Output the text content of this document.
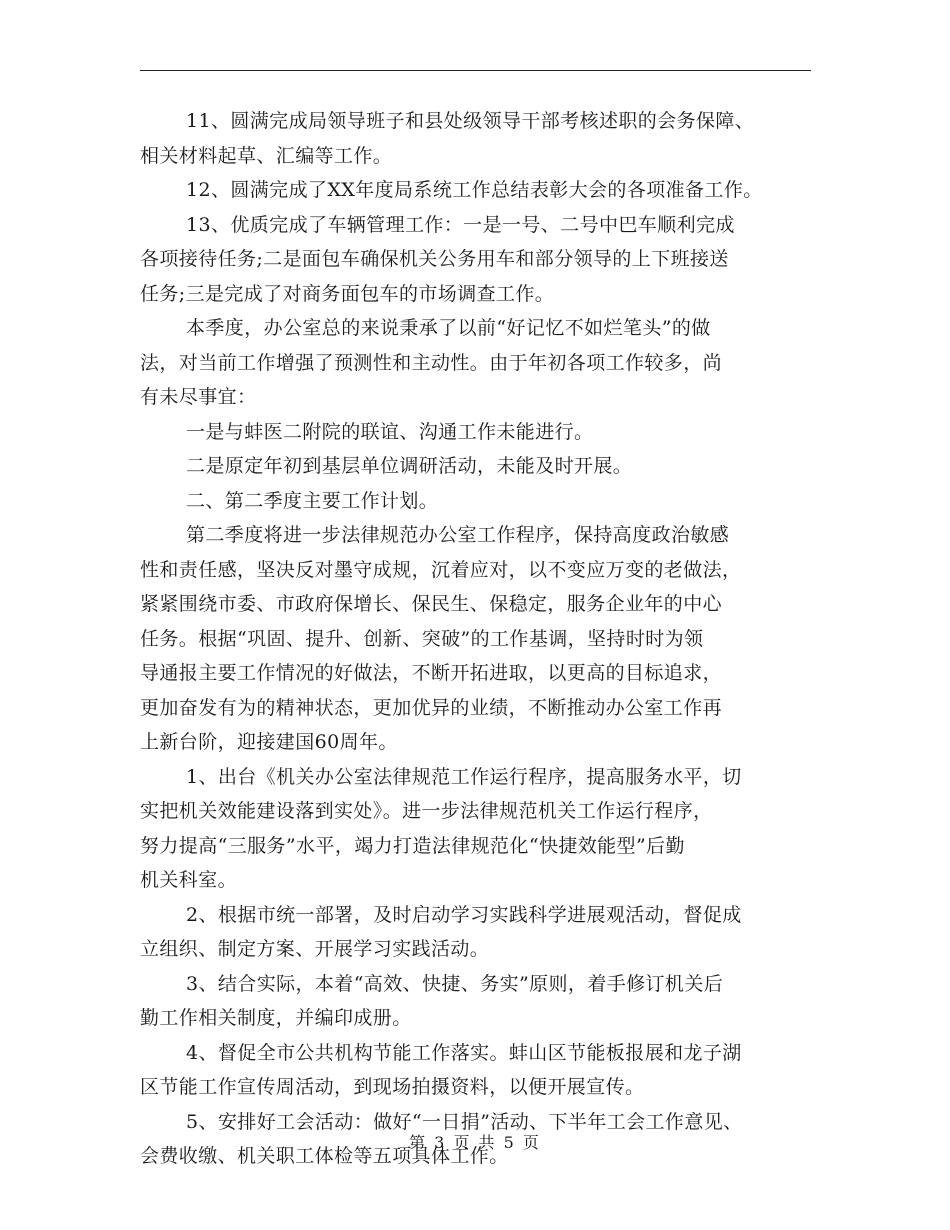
11、圆满完成局领导班子和县处级领导干部考核述职的会务保障、
相关材料起草、汇编等工作。
12、圆满完成了XX年度局系统工作总结表彰大会的各项准备工作。
13、优质完成了车辆管理工作：一是一号、二号中巴车顺利完成
各项接待任务;二是面包车确保机关公务用车和部分领导的上下班接送
任务;三是完成了对商务面包车的市场调查工作。
本季度，办公室总的来说秉承了以前“好记忆不如烂笔头”的做
法，对当前工作增强了预测性和主动性。由于年初各项工作较多，尚
有未尽事宜：
一是与蚌医二附院的联谊、沟通工作未能进行。
二是原定年初到基层单位调研活动，未能及时开展。
二、第二季度主要工作计划。
第二季度将进一步法律规范办公室工作程序，保持高度政治敏感
性和责任感，坚决反对墨守成规，沉着应对，以不变应万变的老做法，
紧紧围绕市委、市政府保增长、保民生、保稳定，服务企业年的中心
任务。根据“巩固、提升、创新、突破”的工作基调，坚持时时为领
导通报主要工作情况的好做法，不断开拓进取，以更高的目标追求，
更加奋发有为的精神状态，更加优异的业绩，不断推动办公室工作再
上新台阶，迎接建国60周年。
1、出台《机关办公室法律规范工作运行程序，提高服务水平，切
实把机关效能建设落到实处》。进一步法律规范机关工作运行程序，
努力提高“三服务”水平，竭力打造法律规范化“快捷效能型”后勤
机关科室。
2、根据市统一部署，及时启动学习实践科学进展观活动，督促成
立组织、制定方案、开展学习实践活动。
3、结合实际，本着“高效、快捷、务实”原则，着手修订机关后
勤工作相关制度，并编印成册。
4、督促全市公共机构节能工作落实。蚌山区节能板报展和龙子湖
区节能工作宣传周活动，到现场拍摄资料，以便开展宣传。
5、安排好工会活动：做好“一日捐”活动、下半年工会工作意见、
会费收缴、机关职工体检等五项具体工作。
第 3 页 共 5 页
